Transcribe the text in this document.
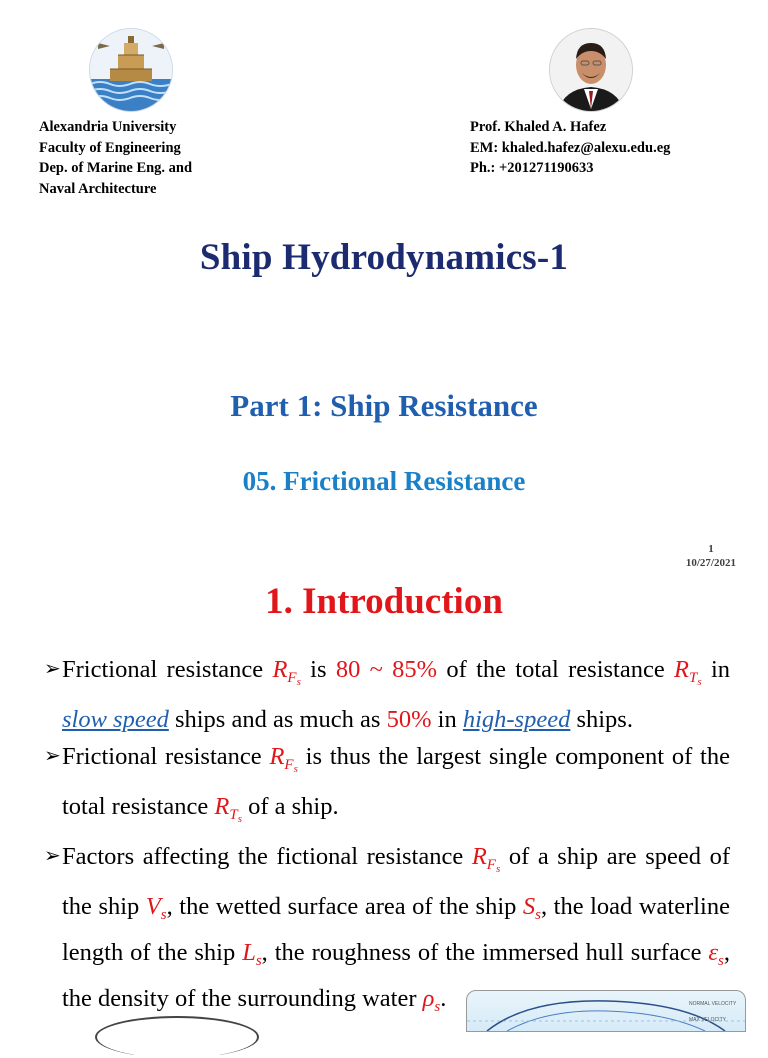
Alexandria University
Faculty of Engineering
Dep. of Marine Eng. and
Naval Architecture
Prof. Khaled A. Hafez
EM: khaled.hafez@alexu.edu.eg
Ph.: +201271190633
Ship Hydrodynamics-1
Part 1: Ship Resistance
05. Frictional Resistance
1
10/27/2021
1. Introduction

➢ Frictional resistance $R_{F_s}$ is 80 ~ 85% of the total resistance $R_{T_s}$ in slow speed ships and as much as 50% in high-speed ships.

➢ Frictional resistance $R_{F_s}$ is thus the largest single component of the total resistance $R_{T_s}$ of a ship.

➢ Factors affecting the fictional resistance $R_{F_s}$ of a ship are speed of the ship $V_s$, the wetted surface area of the ship $S_s$, the load waterline length of the ship $L_s$, the roughness of the immersed hull surface $\varepsilon_s$, the density of the surrounding water $\rho_s$.	NORMAL VELOCITY
MAX VELOCITY
